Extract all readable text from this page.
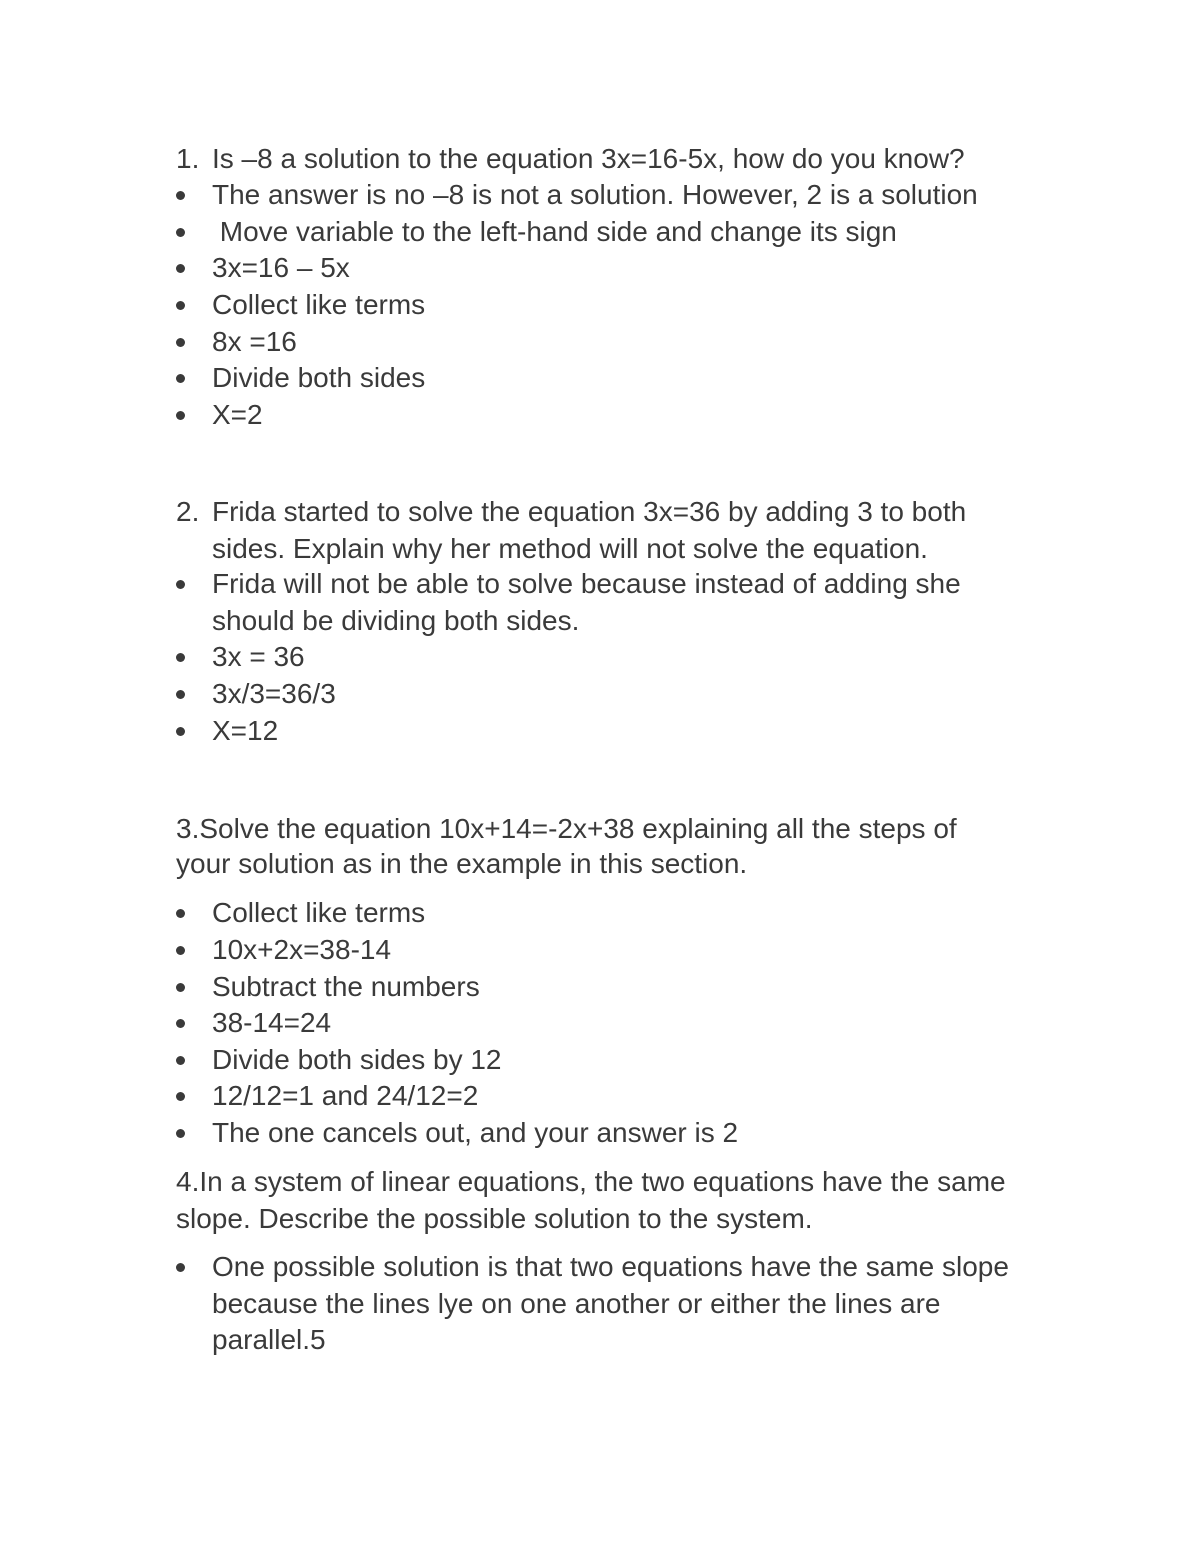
1. Is –8 a solution to the equation 3x=16-5x, how do you know?
The answer is no –8 is not a solution. However, 2 is a solution
Move variable to the left-hand side and change its sign
3x=16 – 5x
Collect like terms
8x =16
Divide both sides
X=2
2. Frida started to solve the equation 3x=36 by adding 3 to both
sides. Explain why her method will not solve the equation.
Frida will not be able to solve because instead of adding she
should be dividing both sides.
3x = 36
3x/3=36/3
X=12
3.Solve the equation 10x+14=-2x+38 explaining all the steps of
your solution as in the example in this section.
Collect like terms
10x+2x=38-14
Subtract the numbers
38-14=24
Divide both sides by 12
12/12=1 and 24/12=2
The one cancels out, and your answer is 2
4.In a system of linear equations, the two equations have the same
slope. Describe the possible solution to the system.
One possible solution is that two equations have the same slope
because the lines lye on one another or either the lines are
parallel.5
